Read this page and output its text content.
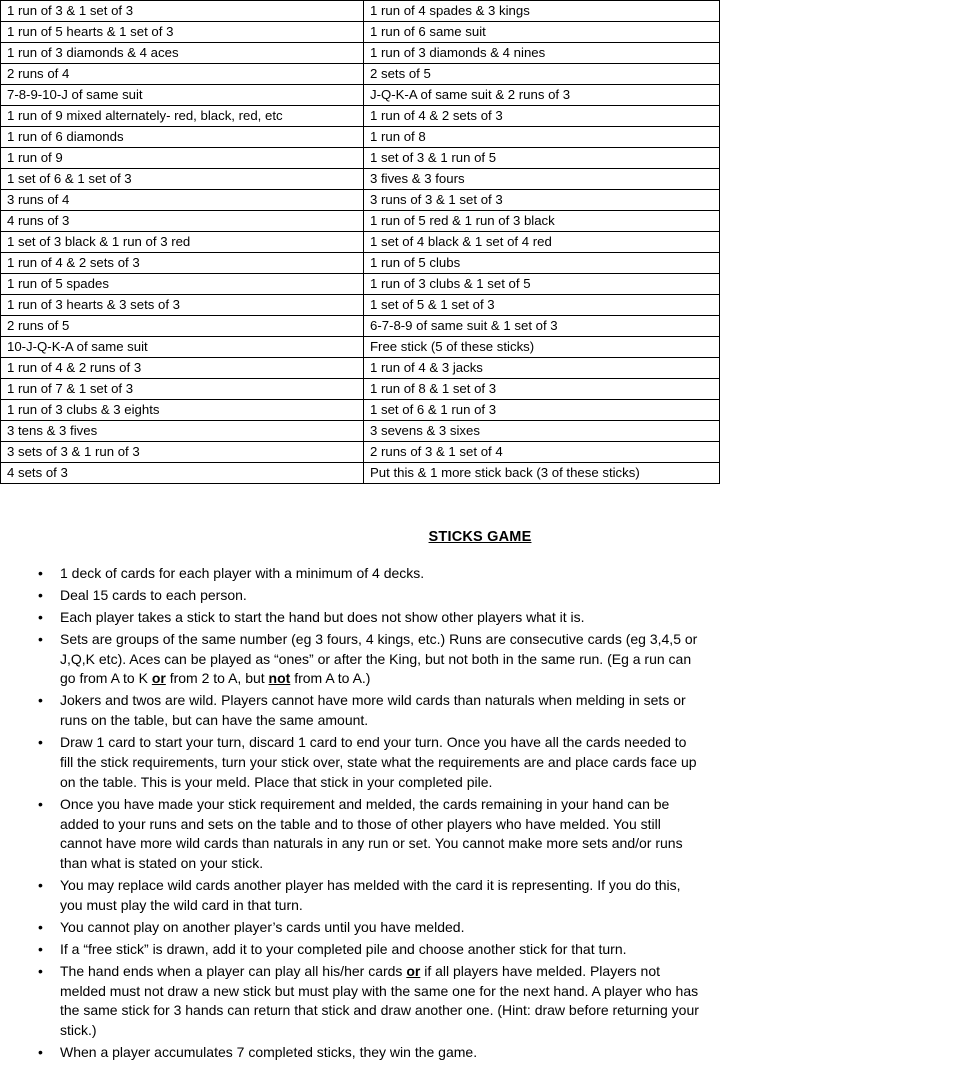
1 run of 3 & 1 set of 3	1 run of 4 spades & 3 kings
1 run of 5 hearts & 1 set of 3	1 run of 6 same suit
1 run of 3 diamonds & 4 aces	1 run of 3 diamonds & 4 nines
2 runs of 4	2 sets of 5
7-8-9-10-J of same suit	J-Q-K-A of same suit & 2 runs of 3
1 run of 9 mixed alternately- red, black, red, etc	1 run of 4 & 2 sets of 3
1 run of 6 diamonds	1 run of 8
1 run of 9	1 set of 3 & 1 run of 5
1 set of 6 & 1 set of 3	3 fives & 3 fours
3 runs of 4	3 runs of 3 & 1 set of 3
4 runs of 3	1 run of 5 red & 1 run of 3 black
1 set of 3 black & 1 run of 3 red	1 set of 4 black & 1 set of 4 red
1 run of 4 & 2 sets of 3	1 run of 5 clubs
1 run of 5 spades	1 run of 3 clubs & 1 set of 5
1 run of 3 hearts & 3 sets of 3	1 set of 5 & 1 set of 3
2 runs of 5	6-7-8-9 of same suit & 1 set of 3
10-J-Q-K-A of same suit	Free stick (5 of these sticks)
1 run of 4 & 2 runs of 3	1 run of 4 & 3 jacks
1 run of 7 & 1 set of 3	1 run of 8 & 1 set of 3
1 run of 3 clubs & 3 eights	1 set of 6 & 1 run of 3
3 tens & 3 fives	3 sevens & 3 sixes
3 sets of 3 & 1 run of 3	2 runs of 3 & 1 set of 4
4 sets of 3	Put this & 1 more stick back (3 of these sticks)
STICKS GAME
• 1 deck of cards for each player with a minimum of 4 decks.
• Deal 15 cards to each person.
• Each player takes a stick to start the hand but does not show other players what it is.
• Sets are groups of the same number (eg 3 fours, 4 kings, etc.) Runs are consecutive cards (eg 3,4,5 or J,Q,K etc). Aces can be played as “ones” or after the King, but not both in the same run. (Eg a run can go from A to K or from 2 to A, but not from A to A.)
• Jokers and twos are wild. Players cannot have more wild cards than naturals when melding in sets or runs on the table, but can have the same amount.
• Draw 1 card to start your turn, discard 1 card to end your turn. Once you have all the cards needed to fill the stick requirements, turn your stick over, state what the requirements are and place cards face up on the table. This is your meld. Place that stick in your completed pile.
• Once you have made your stick requirement and melded, the cards remaining in your hand can be added to your runs and sets on the table and to those of other players who have melded. You still cannot have more wild cards than naturals in any run or set. You cannot make more sets and/or runs than what is stated on your stick.
• You may replace wild cards another player has melded with the card it is representing. If you do this, you must play the wild card in that turn.
• You cannot play on another player’s cards until you have melded.
• If a “free stick” is drawn, add it to your completed pile and choose another stick for that turn.
• The hand ends when a player can play all his/her cards or if all players have melded. Players not melded must not draw a new stick but must play with the same one for the next hand. A player who has the same stick for 3 hands can return that stick and draw another one. (Hint: draw before returning your stick.)
• When a player accumulates 7 completed sticks, they win the game.
